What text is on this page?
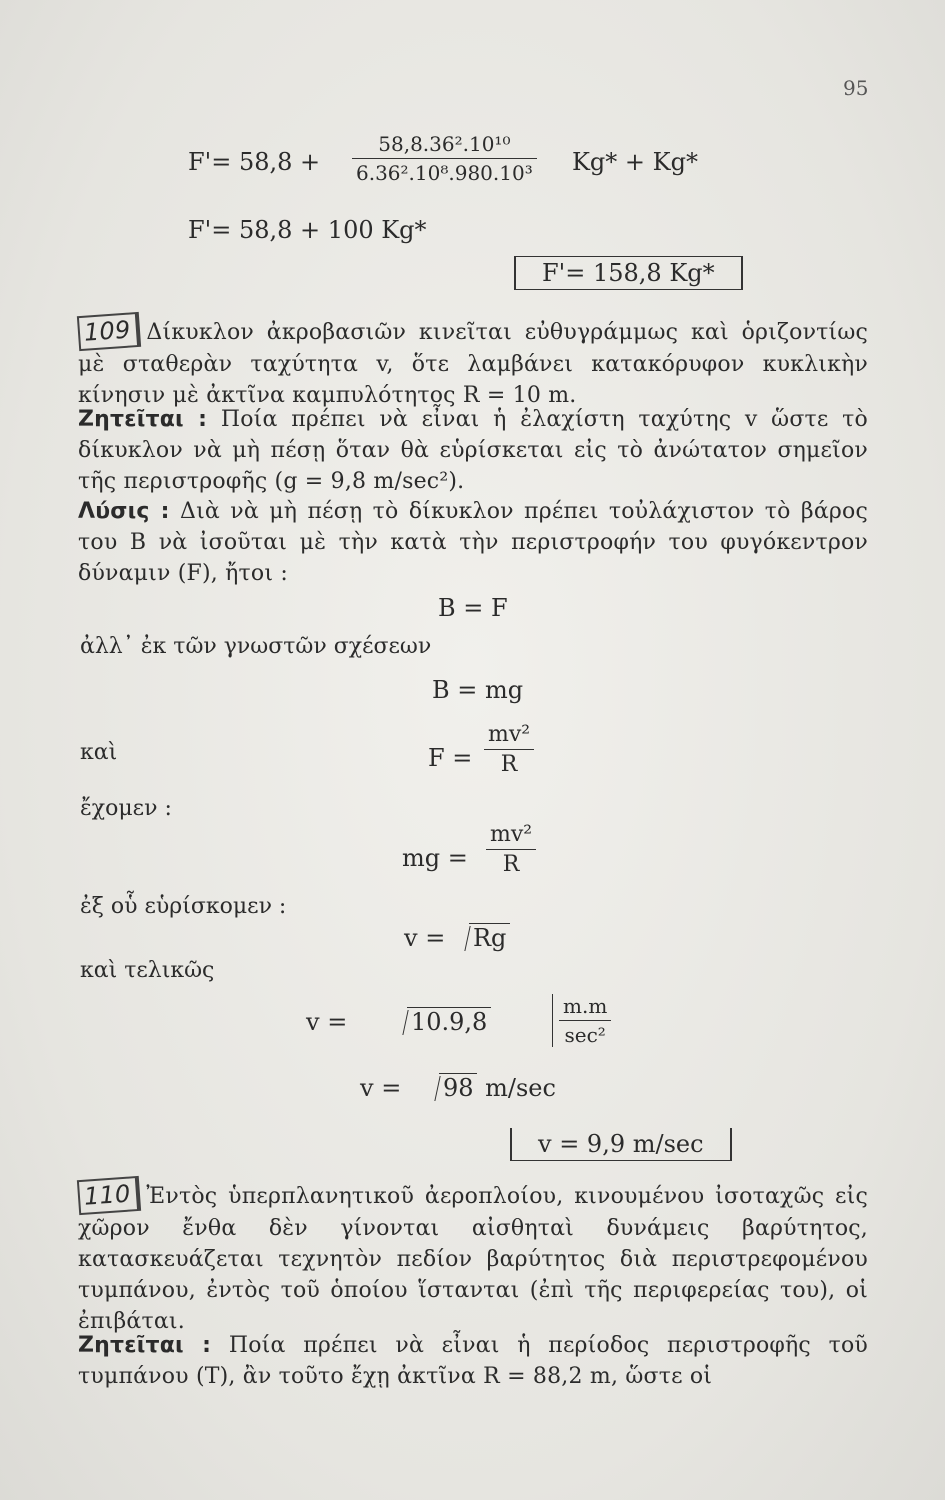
95
F'= 58,8 +
58,8.36².10¹⁰
6.36².10⁸.980.10³ Kg* + Kg*
F'= 58,8 + 100 Kg*
F'= 158,8 Kg*
109 Δίκυκλον ἀκροβασιῶν κινεῖται εὐθυγράμμως καὶ ὁριζοντίως μὲ σταθερὰν ταχύτητα v, ὅτε λαμβάνει κατακόρυφον κυκλικὴν κίνησιν μὲ ἀκτῖνα καμπυλότητος R = 10 m.
Ζητεῖται : Ποία πρέπει νὰ εἶναι ἡ ἐλαχίστη ταχύτης v ὥστε τὸ δίκυκλον νὰ μὴ πέσῃ ὅταν θὰ εὑρίσκεται εἰς τὸ ἀνώτατον σημεῖον τῆς περιστροφῆς (g = 9,8 m/sec²).
Λύσις : Διὰ νὰ μὴ πέσῃ τὸ δίκυκλον πρέπει τοὐλάχιστον τὸ βάρος του B νὰ ἰσοῦται μὲ τὴν κατὰ τὴν περιστροφήν του φυγόκεντρον δύναμιν (F), ἤτοι :
B = F
ἀλλ᾽ ἐκ τῶν γνωστῶν σχέσεων
B = mg
καὶ	F =
mv²
R
ἔχομεν :
mg =
mv²
R
ἐξ οὗ εὑρίσκομεν :
v = Rg
καὶ τελικῶς
v =	10.9,8
m.m
sec²
v = 98 m/sec
v = 9,9 m/sec
110 Ἐντὸς ὑπερπλανητικοῦ ἀεροπλοίου, κινουμένου ἰσοταχῶς εἰς χῶρον ἔνθα δὲν γίνονται αἰσθηταὶ δυνάμεις βαρύτητος, κατασκευάζεται τεχνητὸν πεδίον βαρύτητος διὰ περιστρεφομένου τυμπάνου, ἐντὸς τοῦ ὁποίου ἵστανται (ἐπὶ τῆς περιφερείας του), οἱ ἐπιβάται.
Ζητεῖται : Ποία πρέπει νὰ εἶναι ἡ περίοδος περιστροφῆς τοῦ τυμπάνου (T), ἂν τοῦτο ἔχῃ ἀκτῖνα R = 88,2 m, ὥστε οἱ
